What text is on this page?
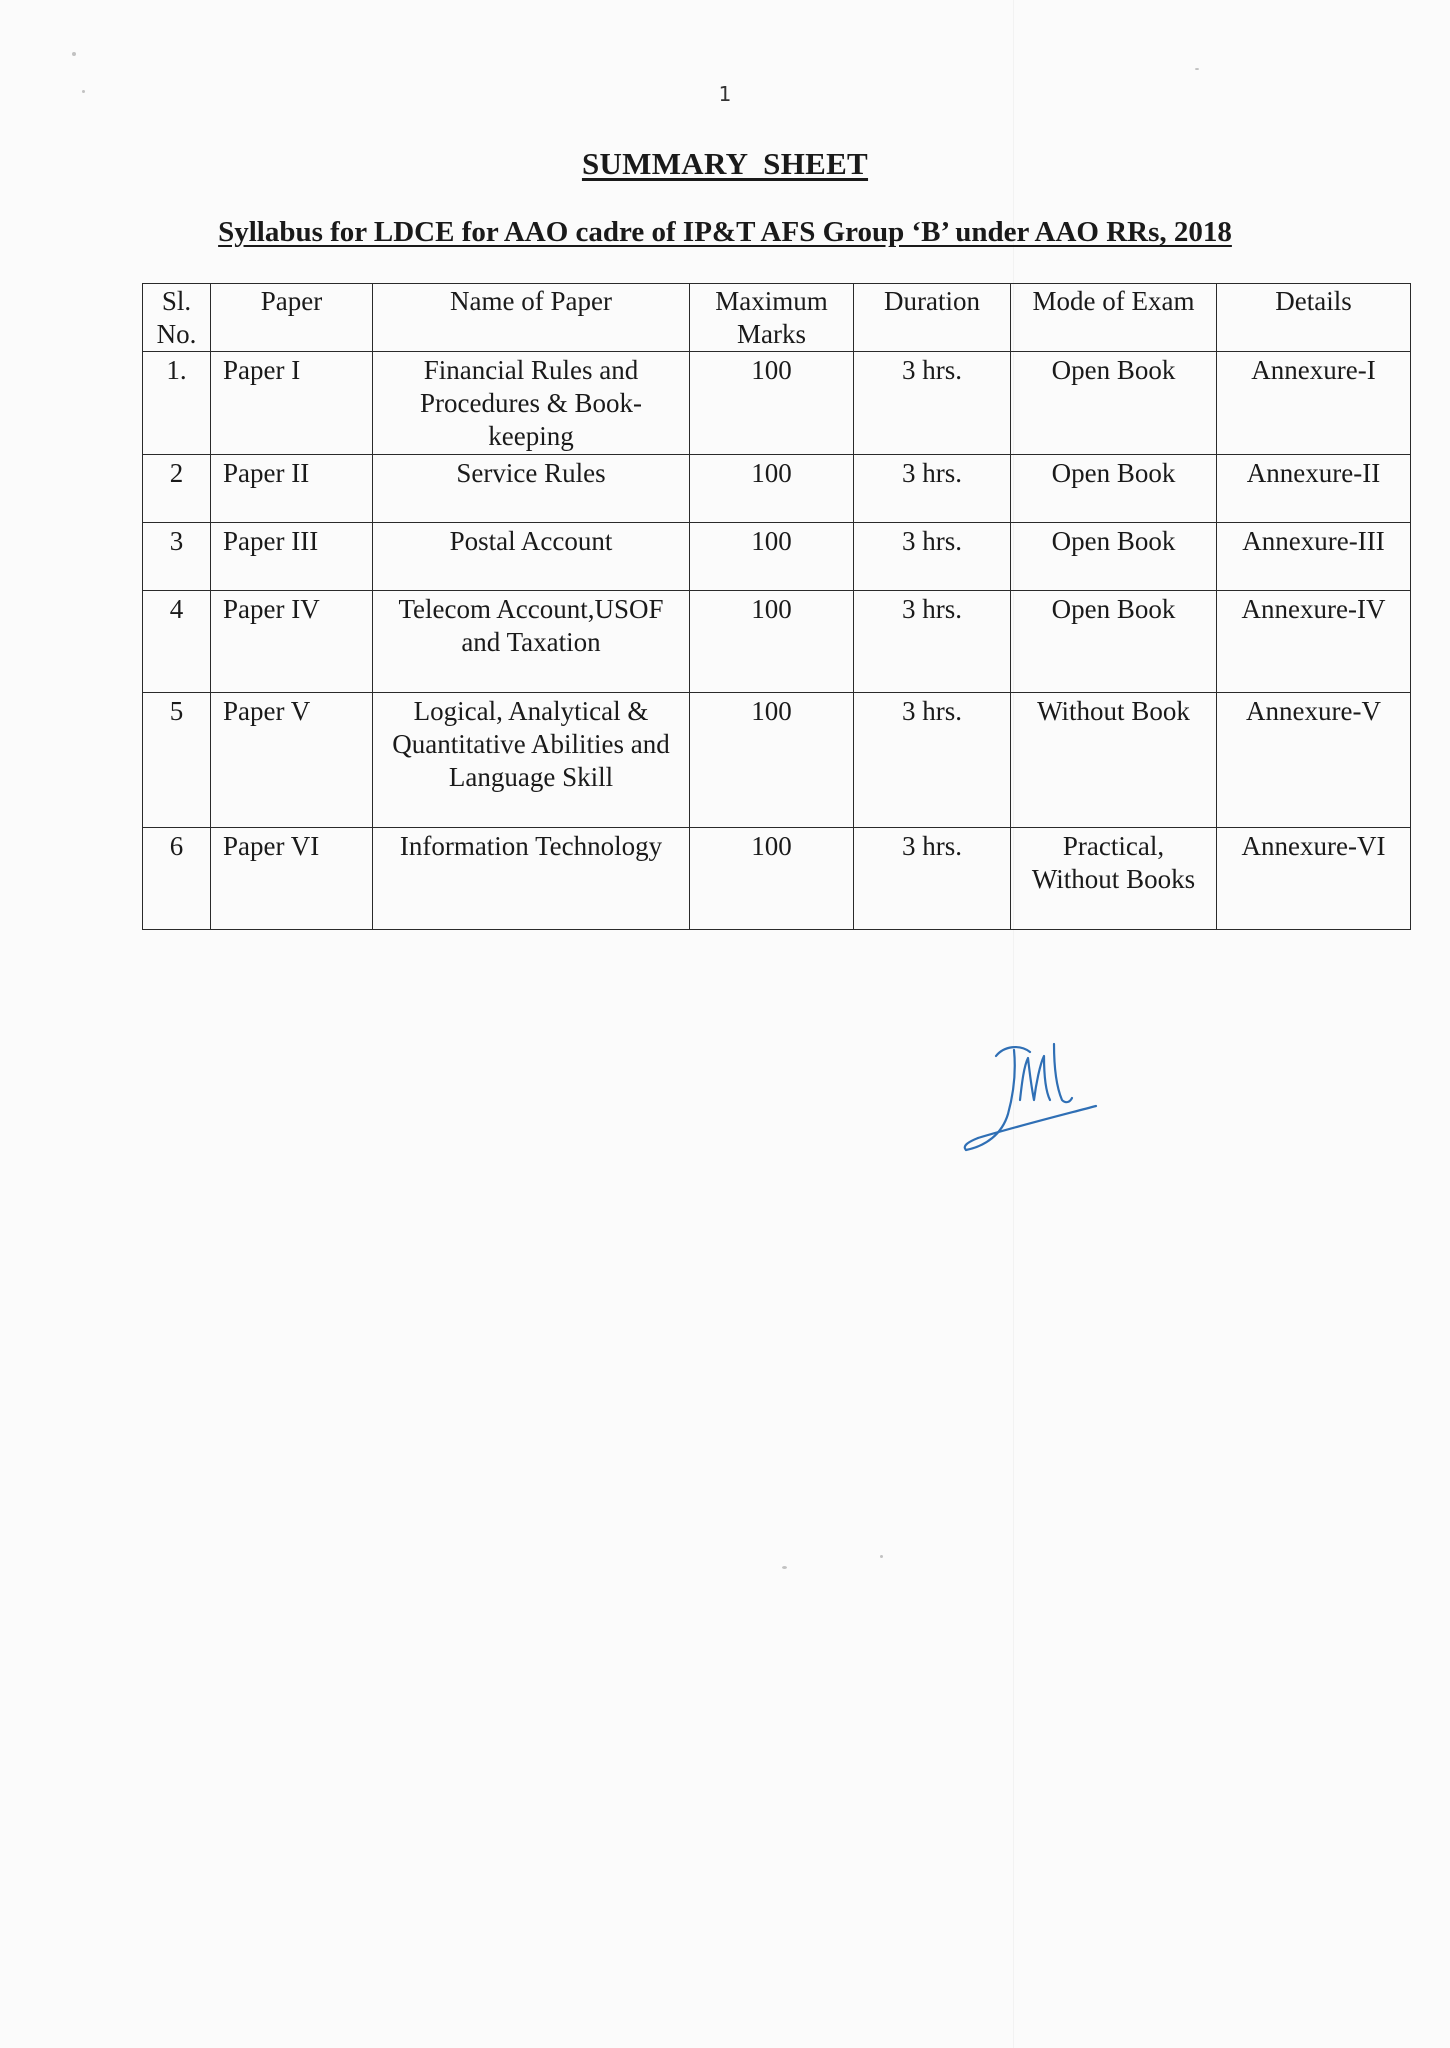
1
SUMMARY SHEET
Syllabus for LDCE for AAO cadre of IP&T AFS Group ‘B’ under AAO RRs, 2018
Sl. No.	Paper	Name of Paper	Maximum Marks	Duration	Mode of Exam	Details
1.	Paper I	Financial Rules and Procedures & Book-keeping	100	3 hrs.	Open Book	Annexure-I
2	Paper II	Service Rules	100	3 hrs.	Open Book	Annexure-II
3	Paper III	Postal Account	100	3 hrs.	Open Book	Annexure-III
4	Paper IV	Telecom Account,USOF and Taxation	100	3 hrs.	Open Book	Annexure-IV
5	Paper V	Logical, Analytical & Quantitative Abilities and Language Skill	100	3 hrs.	Without Book	Annexure-V
6	Paper VI	Information Technology	100	3 hrs.	Practical, Without Books	Annexure-VI
